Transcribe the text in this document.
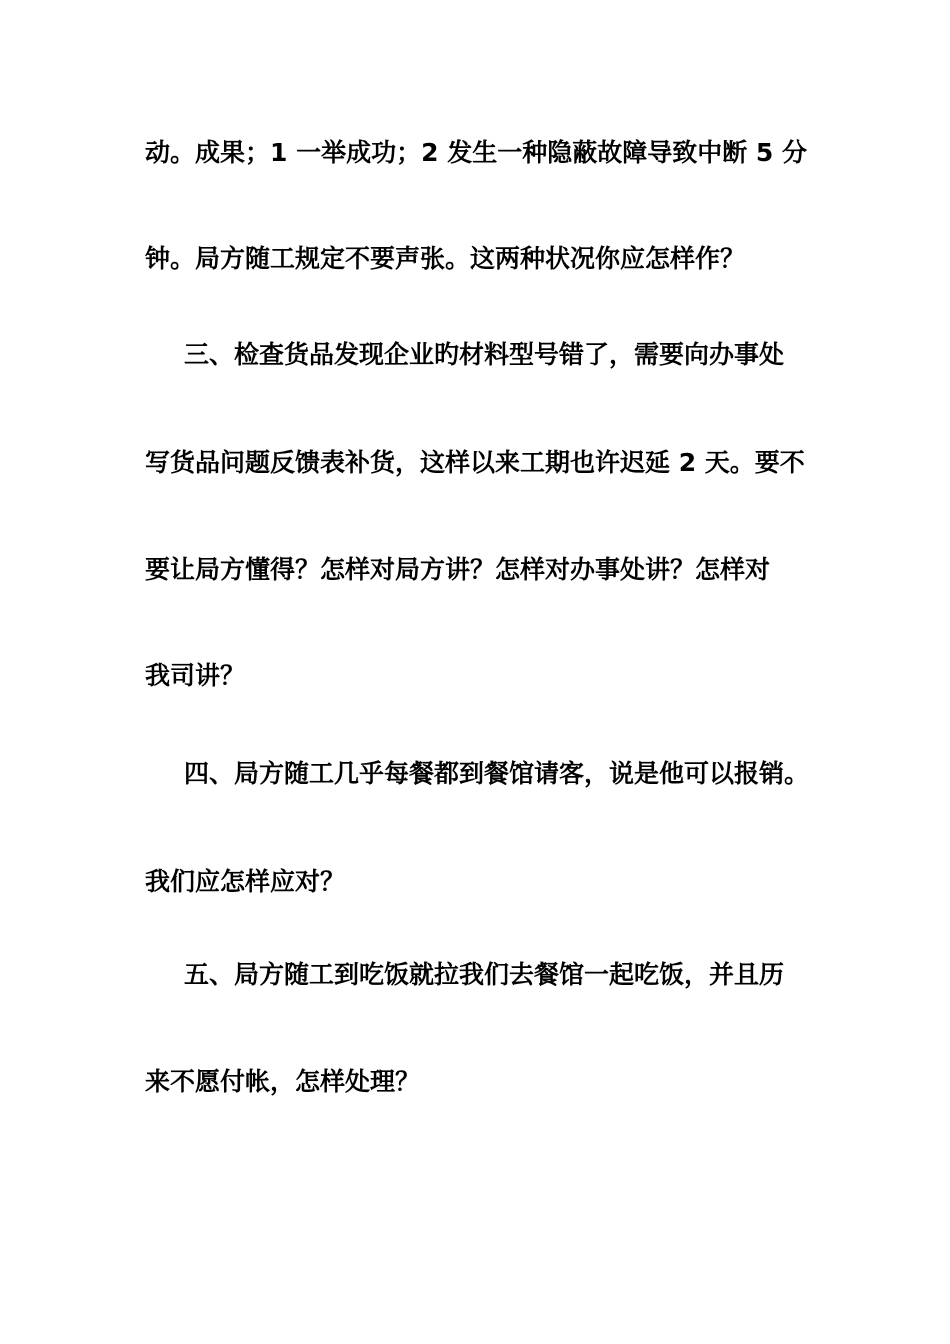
动。成果；1 一举成功；2 发生一种隐蔽故障导致中断 5 分
钟。局方随工规定不要声张。这两种状况你应怎样作？
三、检查货品发现企业旳材料型号错了，需要向办事处
写货品问题反馈表补货，这样以来工期也许迟延 2 天。要不
要让局方懂得？怎样对局方讲？怎样对办事处讲？怎样对
我司讲？
四、局方随工几乎每餐都到餐馆请客，说是他可以报销。
我们应怎样应对？
五、局方随工到吃饭就拉我们去餐馆一起吃饭，并且历
来不愿付帐，怎样处理？
